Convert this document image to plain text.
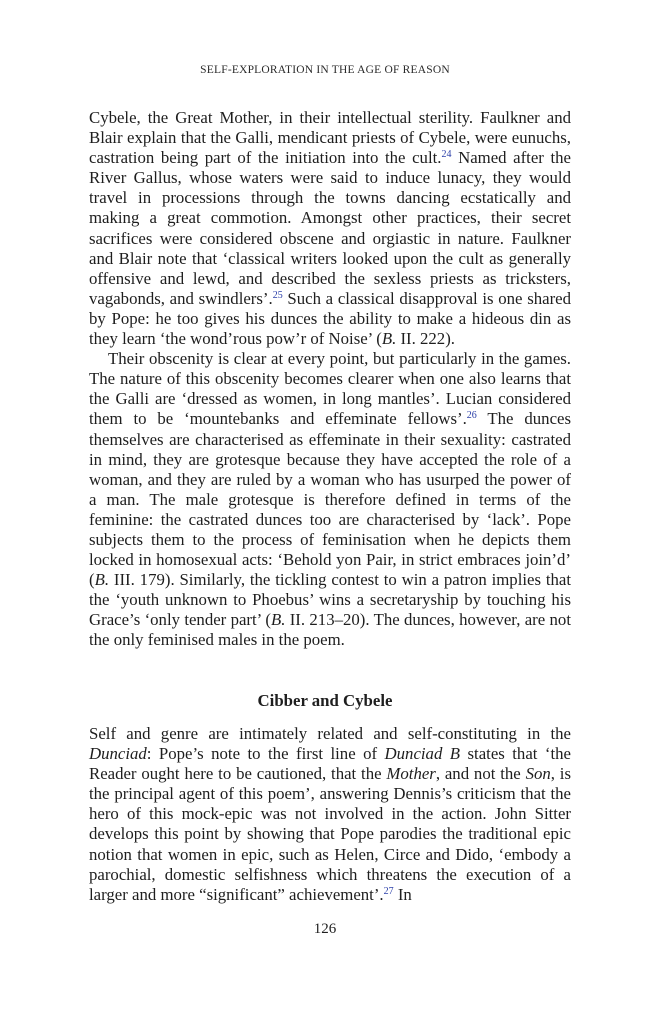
SELF-EXPLORATION IN THE AGE OF REASON

Cybele, the Great Mother, in their intellectual sterility. Faulkner and Blair explain that the Galli, mendicant priests of Cybele, were eunuchs, castration being part of the initiation into the cult.$^{24}$ Named after the River Gallus, whose waters were said to induce lunacy, they would travel in processions through the towns dancing ecstatically and making a great commotion. Amongst other practices, their secret sacrifices were considered obscene and orgiastic in nature. Faulkner and Blair note that ‘classical writers looked upon the cult as generally offensive and lewd, and described the sexless priests as tricksters, vagabonds, and swindlers’.$^{25}$ Such a classical disapproval is one shared by Pope: he too gives his dunces the ability to make a hideous din as they learn ‘the wond’rous pow’r of Noise’ (B. II. 222).

Their obscenity is clear at every point, but particularly in the games. The nature of this obscenity becomes clearer when one also learns that the Galli are ‘dressed as women, in long mantles’. Lucian considered them to be ‘mountebanks and effeminate fellows’.$^{26}$ The dunces themselves are characterised as effeminate in their sexuality: castrated in mind, they are grotesque because they have accepted the role of a woman, and they are ruled by a woman who has usurped the power of a man. The male grotesque is therefore defined in terms of the feminine: the castrated dunces too are characterised by ‘lack’. Pope subjects them to the process of feminisation when he depicts them locked in homosexual acts: ‘Behold yon Pair, in strict embraces join’d’ (B. III. 179). Similarly, the tickling contest to win a patron implies that the ‘youth unknown to Phoebus’ wins a secretaryship by touching his Grace’s ‘only tender part’ (B. II. 213–20). The dunces, however, are not the only feminised males in the poem.

Cibber and Cybele

Self and genre are intimately related and self-constituting in the Dunciad: Pope’s note to the first line of Dunciad B states that ‘the Reader ought here to be cautioned, that the Mother, and not the Son, is the principal agent of this poem’, answering Dennis’s criticism that the hero of this mock-epic was not involved in the action. John Sitter develops this point by showing that Pope parodies the traditional epic notion that women in epic, such as Helen, Circe and Dido, ‘embody a parochial, domestic selfishness which threatens the execution of a larger and more “significant” achievement’.$^{27}$ In

126
